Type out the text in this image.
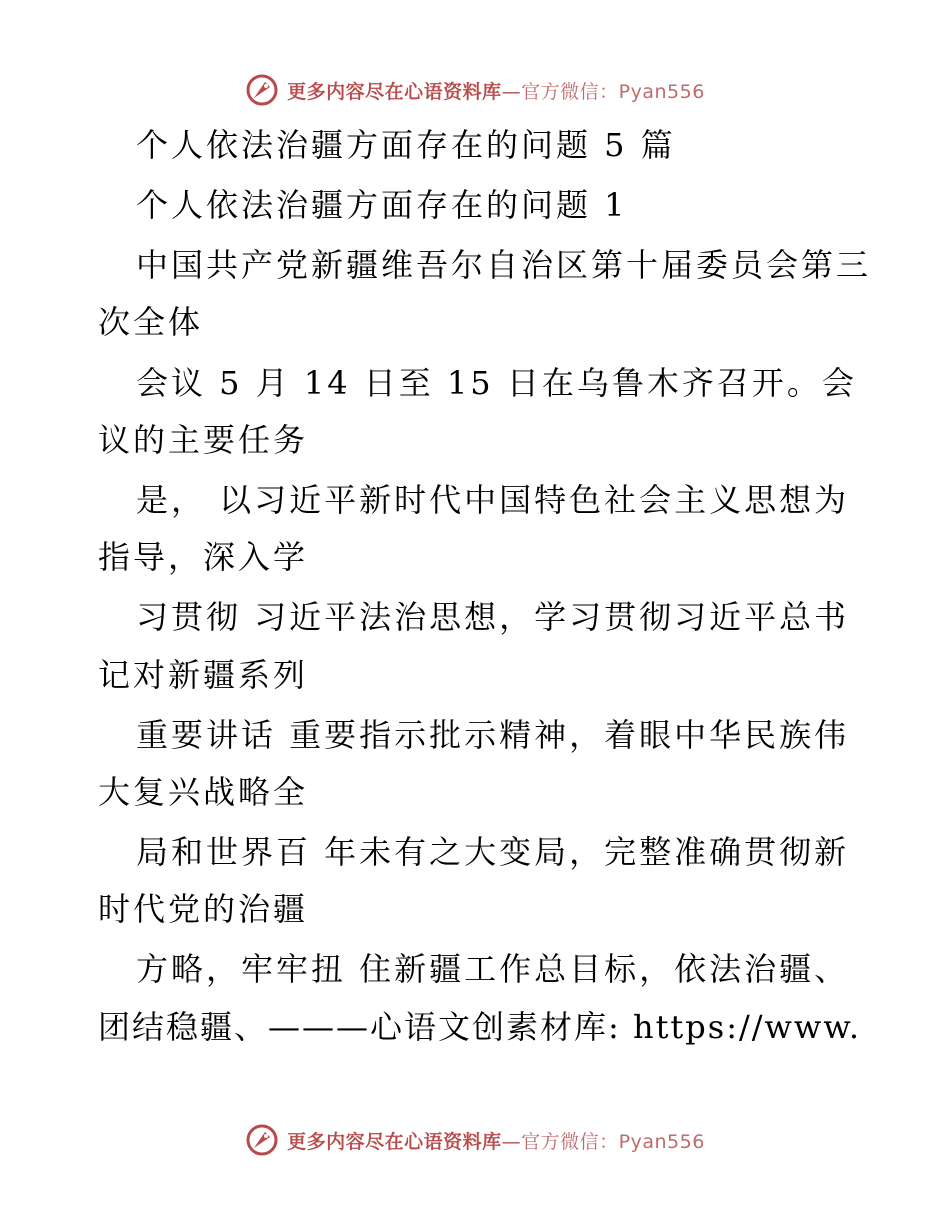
更多内容尽在心语资料库—官方微信：Pyan556
个人依法治疆方面存在的问题 5 篇
个人依法治疆方面存在的问题 1
中国共产党新疆维吾尔自治区第十届委员会第三
次全体
会议 5 月 14 日至 15 日在乌鲁木齐召开。会
议的主要任务
是， 以习近平新时代中国特色社会主义思想为
指导，深入学
习贯彻 习近平法治思想，学习贯彻习近平总书
记对新疆系列
重要讲话 重要指示批示精神，着眼中华民族伟
大复兴战略全
局和世界百 年未有之大变局，完整准确贯彻新
时代党的治疆
方略，牢牢扭 住新疆工作总目标，依法治疆、
团结稳疆、———心语文创素材库: https://www.
更多内容尽在心语资料库—官方微信：Pyan556
